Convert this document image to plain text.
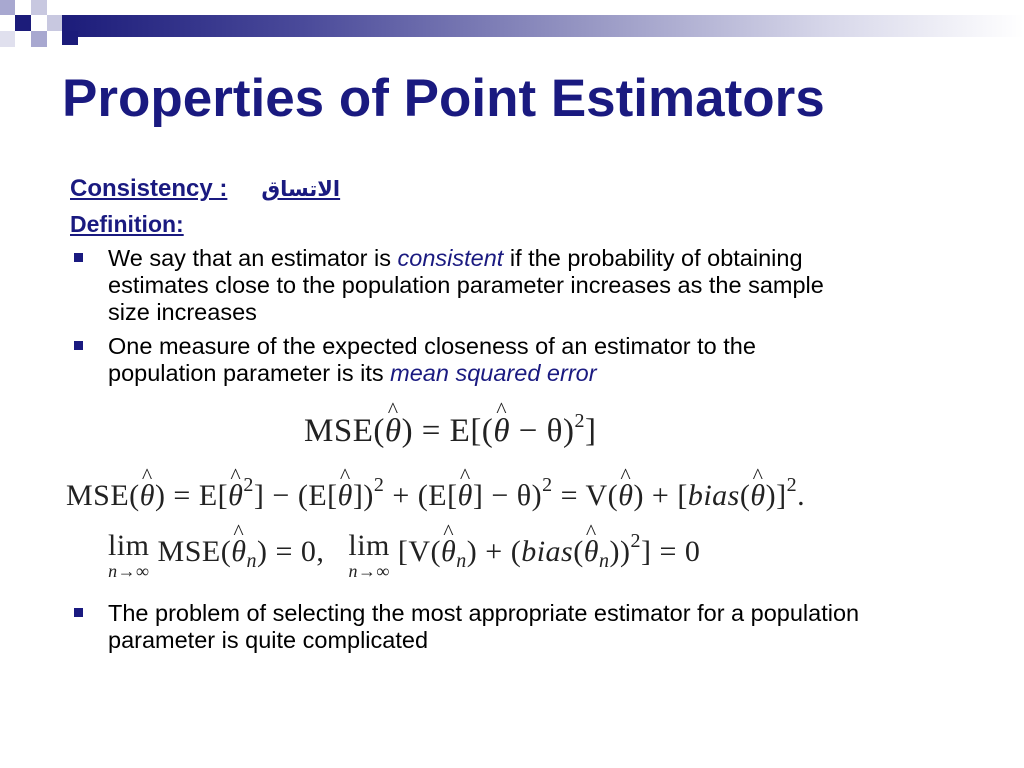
Properties of Point Estimators
Consistency : الاتساق
Definition:
We say that an estimator is consistent if the probability of obtaining estimates close to the population parameter increases as the sample size increases
One measure of the expected closeness of an estimator to the population parameter is its mean squared error
MSE(^ θ) = E[(^ θ − θ)$^2$]
MSE(^ θ) = E[^ $\theta^2$] − (E[^ θ])$^2$ + (E[^ θ] − θ)$^2$ = V(^ θ) + [bias(^ θ)]$^2$.
lim
n→∞
MSE(^ $\theta_n) = 0$, lim
n→∞
[V(^ $\theta_n$) + (bias(^ $\theta_n))^2] = 0$
The problem of selecting the most appropriate estimator for a population parameter is quite complicated
